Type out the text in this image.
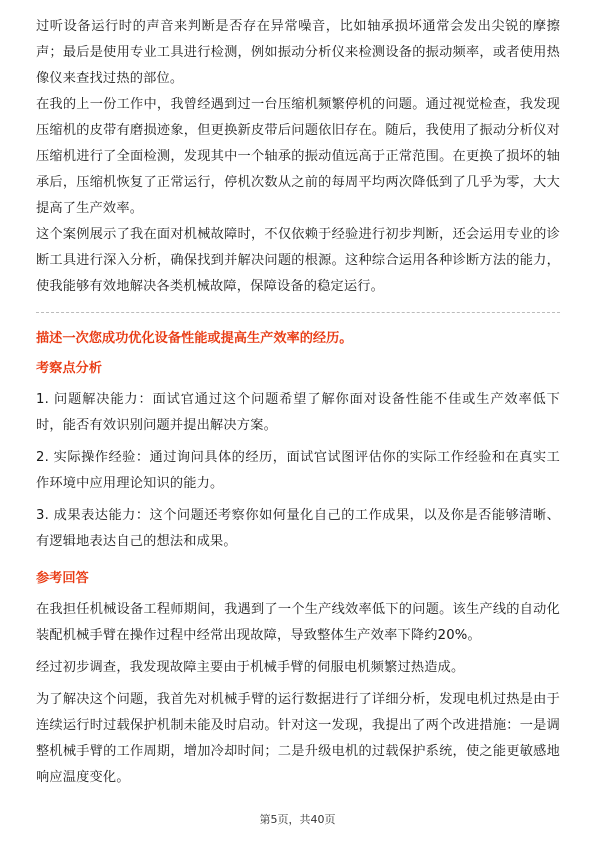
过听设备运行时的声音来判断是否存在异常噪音，比如轴承损坏通常会发出尖锐的摩擦声；最后是使用专业工具进行检测，例如振动分析仪来检测设备的振动频率，或者使用热像仪来查找过热的部位。

在我的上一份工作中，我曾经遇到过一台压缩机频繁停机的问题。通过视觉检查，我发现压缩机的皮带有磨损迹象，但更换新皮带后问题依旧存在。随后，我使用了振动分析仪对压缩机进行了全面检测，发现其中一个轴承的振动值远高于正常范围。在更换了损坏的轴承后，压缩机恢复了正常运行，停机次数从之前的每周平均两次降低到了几乎为零，大大提高了生产效率。

这个案例展示了我在面对机械故障时，不仅依赖于经验进行初步判断，还会运用专业的诊断工具进行深入分析，确保找到并解决问题的根源。这种综合运用各种诊断方法的能力，使我能够有效地解决各类机械故障，保障设备的稳定运行。

描述一次您成功优化设备性能或提高生产效率的经历。

考察点分析

1. 问题解决能力：面试官通过这个问题希望了解你面对设备性能不佳或生产效率低下时，能否有效识别问题并提出解决方案。

2. 实际操作经验：通过询问具体的经历，面试官试图评估你的实际工作经验和在真实工作环境中应用理论知识的能力。

3. 成果表达能力：这个问题还考察你如何量化自己的工作成果，以及你是否能够清晰、有逻辑地表达自己的想法和成果。

参考回答

在我担任机械设备工程师期间，我遇到了一个生产线效率低下的问题。该生产线的自动化装配机械手臂在操作过程中经常出现故障，导致整体生产效率下降约20%。

经过初步调查，我发现故障主要由于机械手臂的伺服电机频繁过热造成。

为了解决这个问题，我首先对机械手臂的运行数据进行了详细分析，发现电机过热是由于连续运行时过载保护机制未能及时启动。针对这一发现，我提出了两个改进措施：一是调整机械手臂的工作周期，增加冷却时间；二是升级电机的过载保护系统，使之能更敏感地响应温度变化。

第5页，共40页
